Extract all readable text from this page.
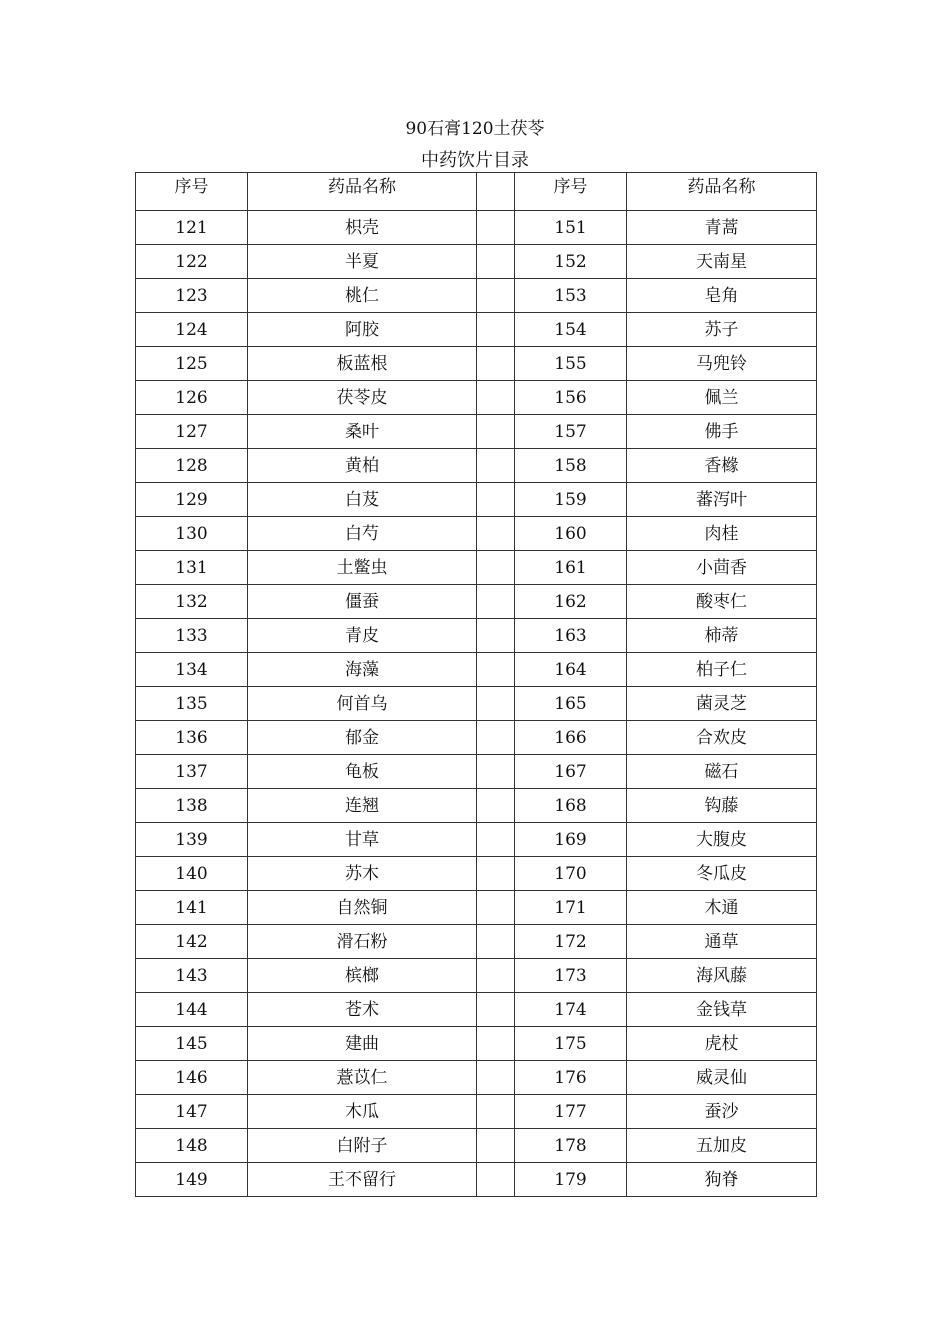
90石膏120土茯苓
中药饮片目录
序号	药品名称		序号	药品名称
121	枳壳		151	青蒿
122	半夏		152	天南星
123	桃仁		153	皂角
124	阿胶		154	苏子
125	板蓝根		155	马兜铃
126	茯苓皮		156	佩兰
127	桑叶		157	佛手
128	黄柏		158	香橼
129	白芨		159	蕃泻叶
130	白芍		160	肉桂
131	土鳖虫		161	小茴香
132	僵蚕		162	酸枣仁
133	青皮		163	柿蒂
134	海藻		164	柏子仁
135	何首乌		165	菌灵芝
136	郁金		166	合欢皮
137	龟板		167	磁石
138	连翘		168	钩藤
139	甘草		169	大腹皮
140	苏木		170	冬瓜皮
141	自然铜		171	木通
142	滑石粉		172	通草
143	槟榔		173	海风藤
144	苍术		174	金钱草
145	建曲		175	虎杖
146	薏苡仁		176	威灵仙
147	木瓜		177	蚕沙
148	白附子		178	五加皮
149	王不留行		179	狗脊
